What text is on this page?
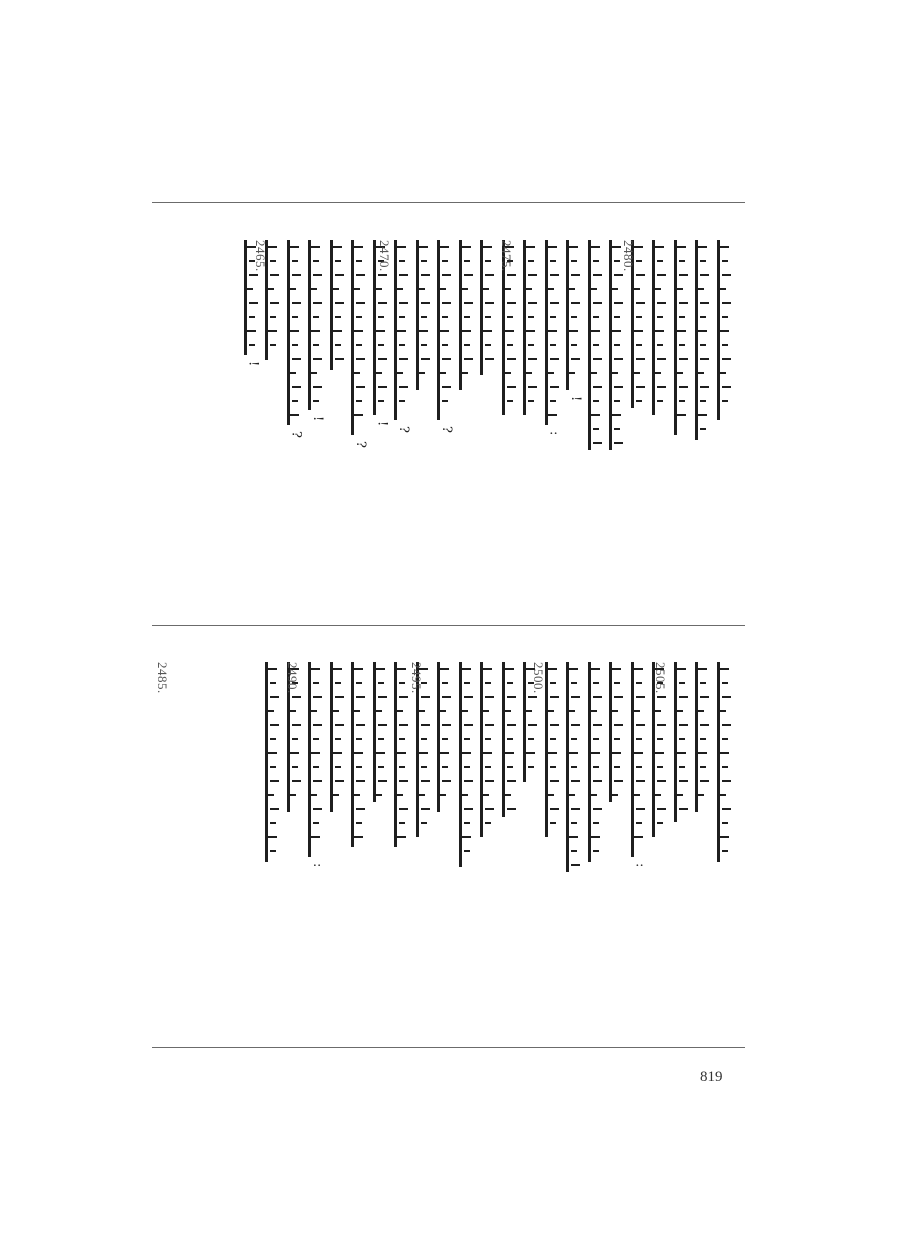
!
:
?
?
!
?
!
?
!
2480.
2475.
2470.
2465.
:
:
2505.
2500.
2495.
2490.
2485.
819
